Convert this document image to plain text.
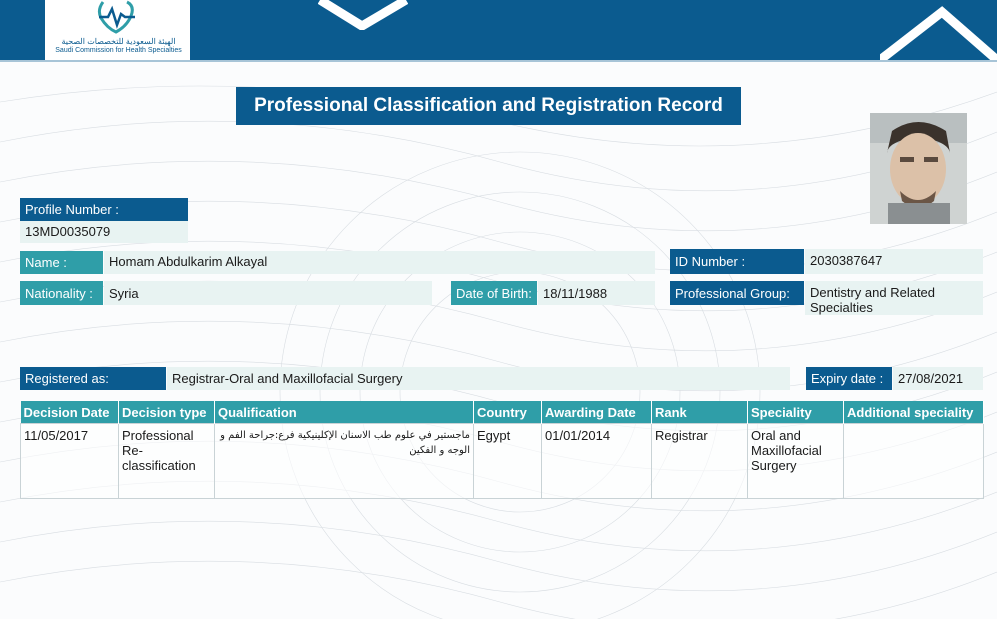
الهيئة السعودية للتخصصات الصحية
Saudi Commission for Health Specialties
Professional Classification and Registration Record
Profile Number :
13MD0035079
Name :	Homam Abdulkarim Alkayal	ID Number :	2030387647
Nationality :	Syria	Date of Birth: 18/11/1988	Professional Group:	Dentistry and Related Specialties
Registered as:	Registrar-Oral and Maxillofacial Surgery	Expiry date :	27/08/2021
Decision Date	Decision type	Qualification	Country	Awarding Date	Rank	Speciality	Additional speciality
11/05/2017	Professional Re-classification	ماجستير في علوم طب الاسنان الإكلينيكية فرع:جراحة الفم و الوجه و الفكين	Egypt	01/01/2014	Registrar	Oral and Maxillofacial Surgery	
